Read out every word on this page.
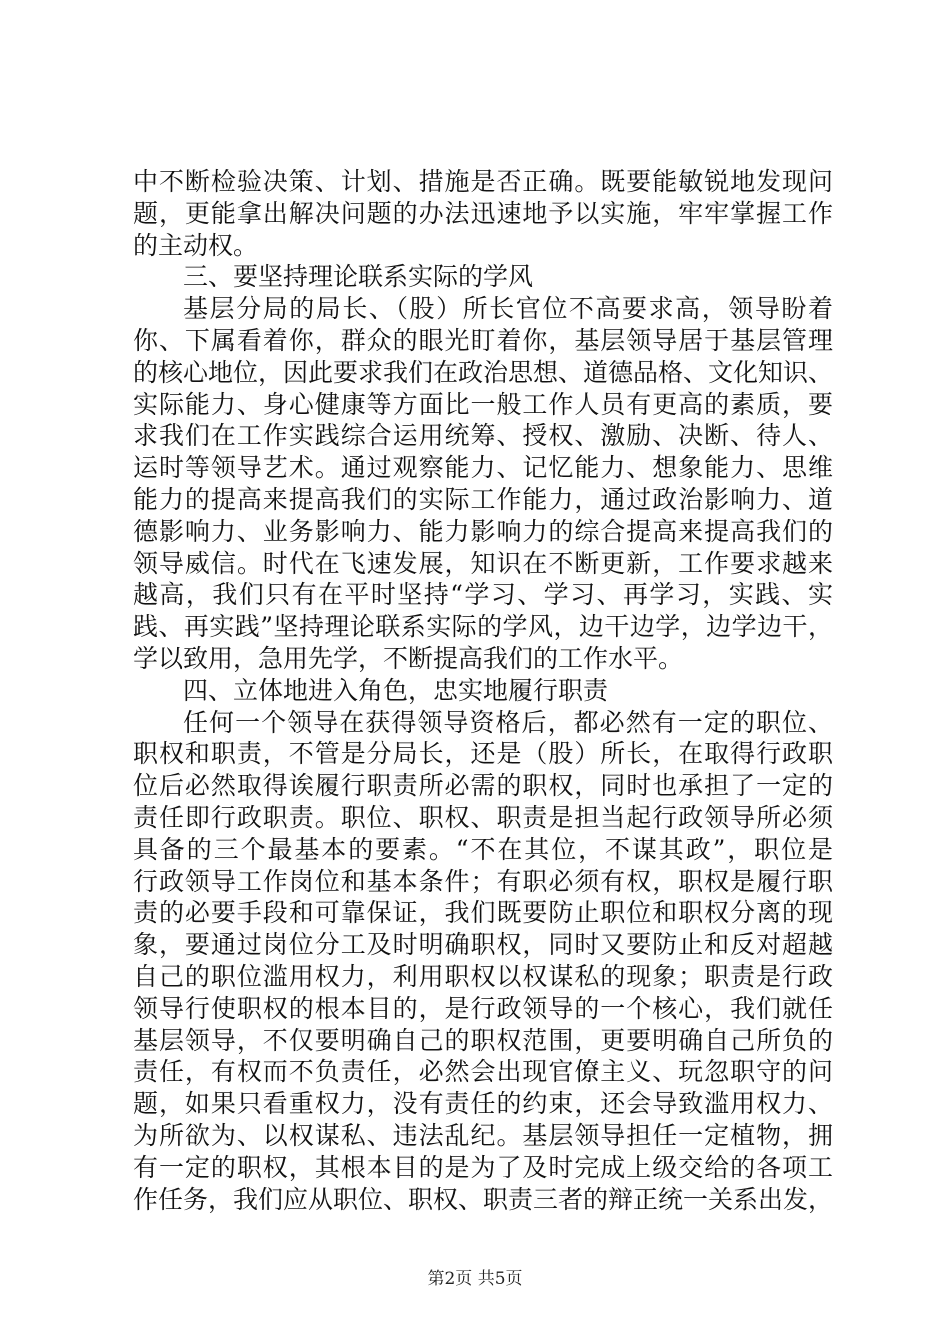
中不断检验决策、计划、措施是否正确。既要能敏锐地发现问
题，更能拿出解决问题的办法迅速地予以实施，牢牢掌握工作
的主动权。
三、要坚持理论联系实际的学风
基层分局的局长、（股）所长官位不高要求高，领导盼着
你、下属看着你，群众的眼光盯着你，基层领导居于基层管理
的核心地位，因此要求我们在政治思想、道德品格、文化知识、
实际能力、身心健康等方面比一般工作人员有更高的素质，要
求我们在工作实践综合运用统筹、授权、激励、决断、待人、
运时等领导艺术。通过观察能力、记忆能力、想象能力、思维
能力的提高来提高我们的实际工作能力，通过政治影响力、道
德影响力、业务影响力、能力影响力的综合提高来提高我们的
领导威信。时代在飞速发展，知识在不断更新，工作要求越来
越高，我们只有在平时坚持“学习、学习、再学习，实践、实
践、再实践”坚持理论联系实际的学风，边干边学，边学边干，
学以致用，急用先学，不断提高我们的工作水平。
四、立体地进入角色，忠实地履行职责
任何一个领导在获得领导资格后，都必然有一定的职位、
职权和职责，不管是分局长，还是（股）所长，在取得行政职
位后必然取得诶履行职责所必需的职权，同时也承担了一定的
责任即行政职责。职位、职权、职责是担当起行政领导所必须
具备的三个最基本的要素。“不在其位，不谋其政”，职位是
行政领导工作岗位和基本条件；有职必须有权，职权是履行职
责的必要手段和可靠保证，我们既要防止职位和职权分离的现
象，要通过岗位分工及时明确职权，同时又要防止和反对超越
自己的职位滥用权力，利用职权以权谋私的现象；职责是行政
领导行使职权的根本目的，是行政领导的一个核心，我们就任
基层领导，不仅要明确自己的职权范围，更要明确自己所负的
责任，有权而不负责任，必然会出现官僚主义、玩忽职守的问
题，如果只看重权力，没有责任的约束，还会导致滥用权力、
为所欲为、以权谋私、违法乱纪。基层领导担任一定植物，拥
有一定的职权，其根本目的是为了及时完成上级交给的各项工
作任务，我们应从职位、职权、职责三者的辩正统一关系出发，
第2页 共5页
